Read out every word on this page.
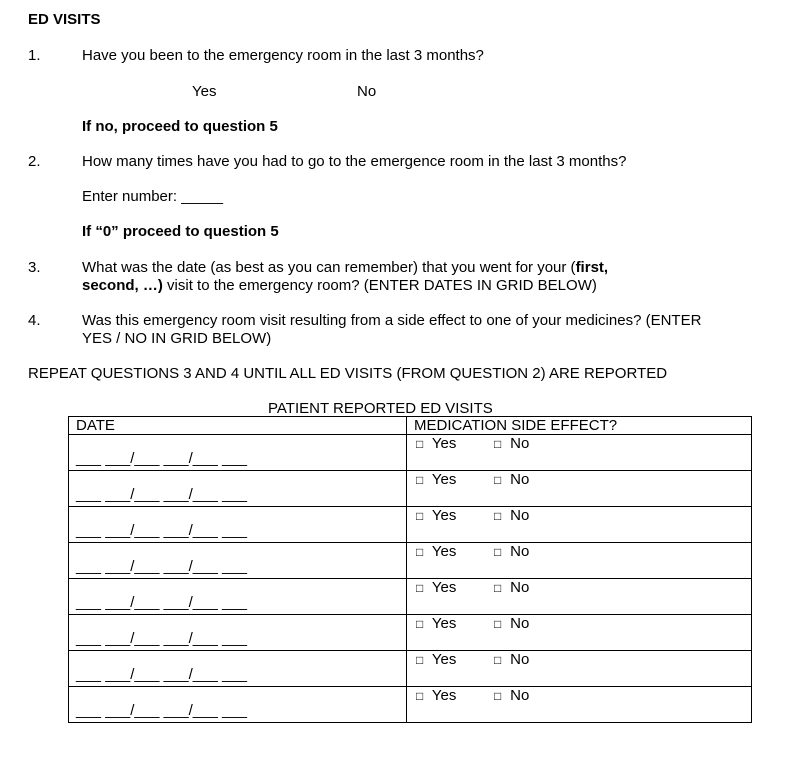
ED VISITS
1.	Have you been to the emergency room in the last 3 months?
Yes	No
If no, proceed to question 5
2.	How many times have you had to go to the emergence room in the last 3 months?
Enter number: _____
If “0” proceed to question 5
3.	What was the date (as best as you can remember) that you went for your (first, second, …) visit to the emergency room? (ENTER DATES IN GRID BELOW)
4.	Was this emergency room visit resulting from a side effect to one of your medicines? (ENTER YES / NO IN GRID BELOW)
REPEAT QUESTIONS 3 AND 4 UNTIL ALL ED VISITS (FROM QUESTION 2) ARE REPORTED
PATIENT REPORTED ED VISITS
DATE	MEDICATION SIDE EFFECT?

___ ___/___ ___/___ ___	□ Yes □ No

___ ___/___ ___/___ ___	□ Yes □ No

___ ___/___ ___/___ ___	□ Yes □ No

___ ___/___ ___/___ ___	□ Yes □ No

___ ___/___ ___/___ ___	□ Yes □ No

___ ___/___ ___/___ ___	□ Yes □ No

___ ___/___ ___/___ ___	□ Yes □ No

___ ___/___ ___/___ ___	□ Yes □ No
